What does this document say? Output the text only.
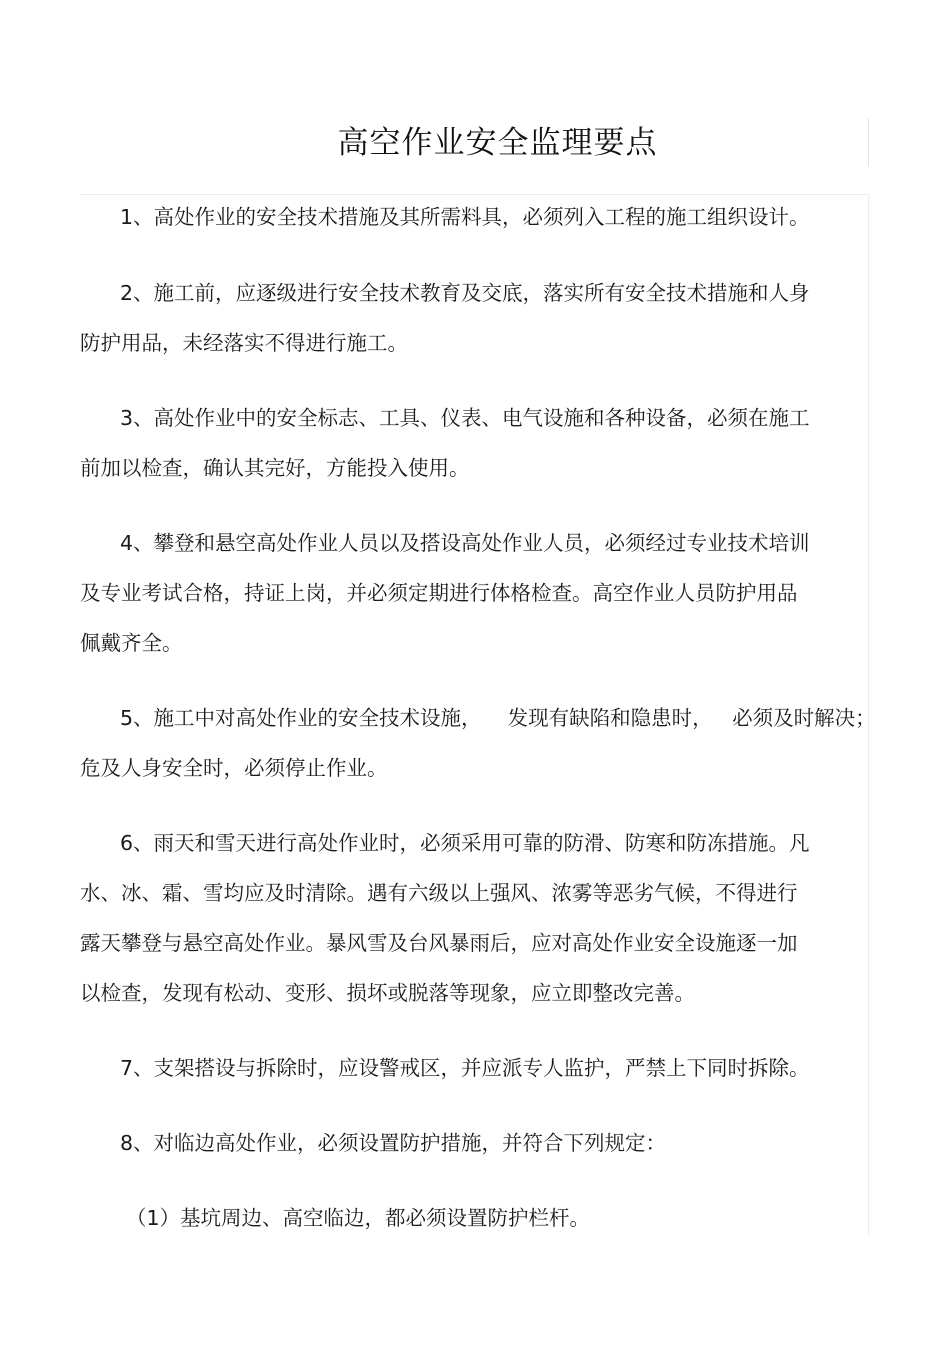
高空作业安全监理要点
1、高处作业的安全技术措施及其所需料具，必须列入工程的施工组织设计。
2、施工前，应逐级进行安全技术教育及交底，落实所有安全技术措施和人身
防护用品，未经落实不得进行施工。
3、高处作业中的安全标志、工具、仪表、电气设施和各种设备，必须在施工
前加以检查，确认其完好，方能投入使用。
4、攀登和悬空高处作业人员以及搭设高处作业人员，必须经过专业技术培训
及专业考试合格，持证上岗，并必须定期进行体格检查。高空作业人员防护用品
佩戴齐全。
5、施工中对高处作业的安全技术设施，    发现有缺陷和隐患时，   必须及时解决；
危及人身安全时，必须停止作业。
6、雨天和雪天进行高处作业时，必须采用可靠的防滑、防寒和防冻措施。凡
水、冰、霜、雪均应及时清除。遇有六级以上强风、浓雾等恶劣气候，不得进行
露天攀登与悬空高处作业。暴风雪及台风暴雨后，应对高处作业安全设施逐一加
以检查，发现有松动、变形、损坏或脱落等现象，应立即整改完善。
7、支架搭设与拆除时，应设警戒区，并应派专人监护，严禁上下同时拆除。
8、对临边高处作业，必须设置防护措施，并符合下列规定：
（1）基坑周边、高空临边，都必须设置防护栏杆。
